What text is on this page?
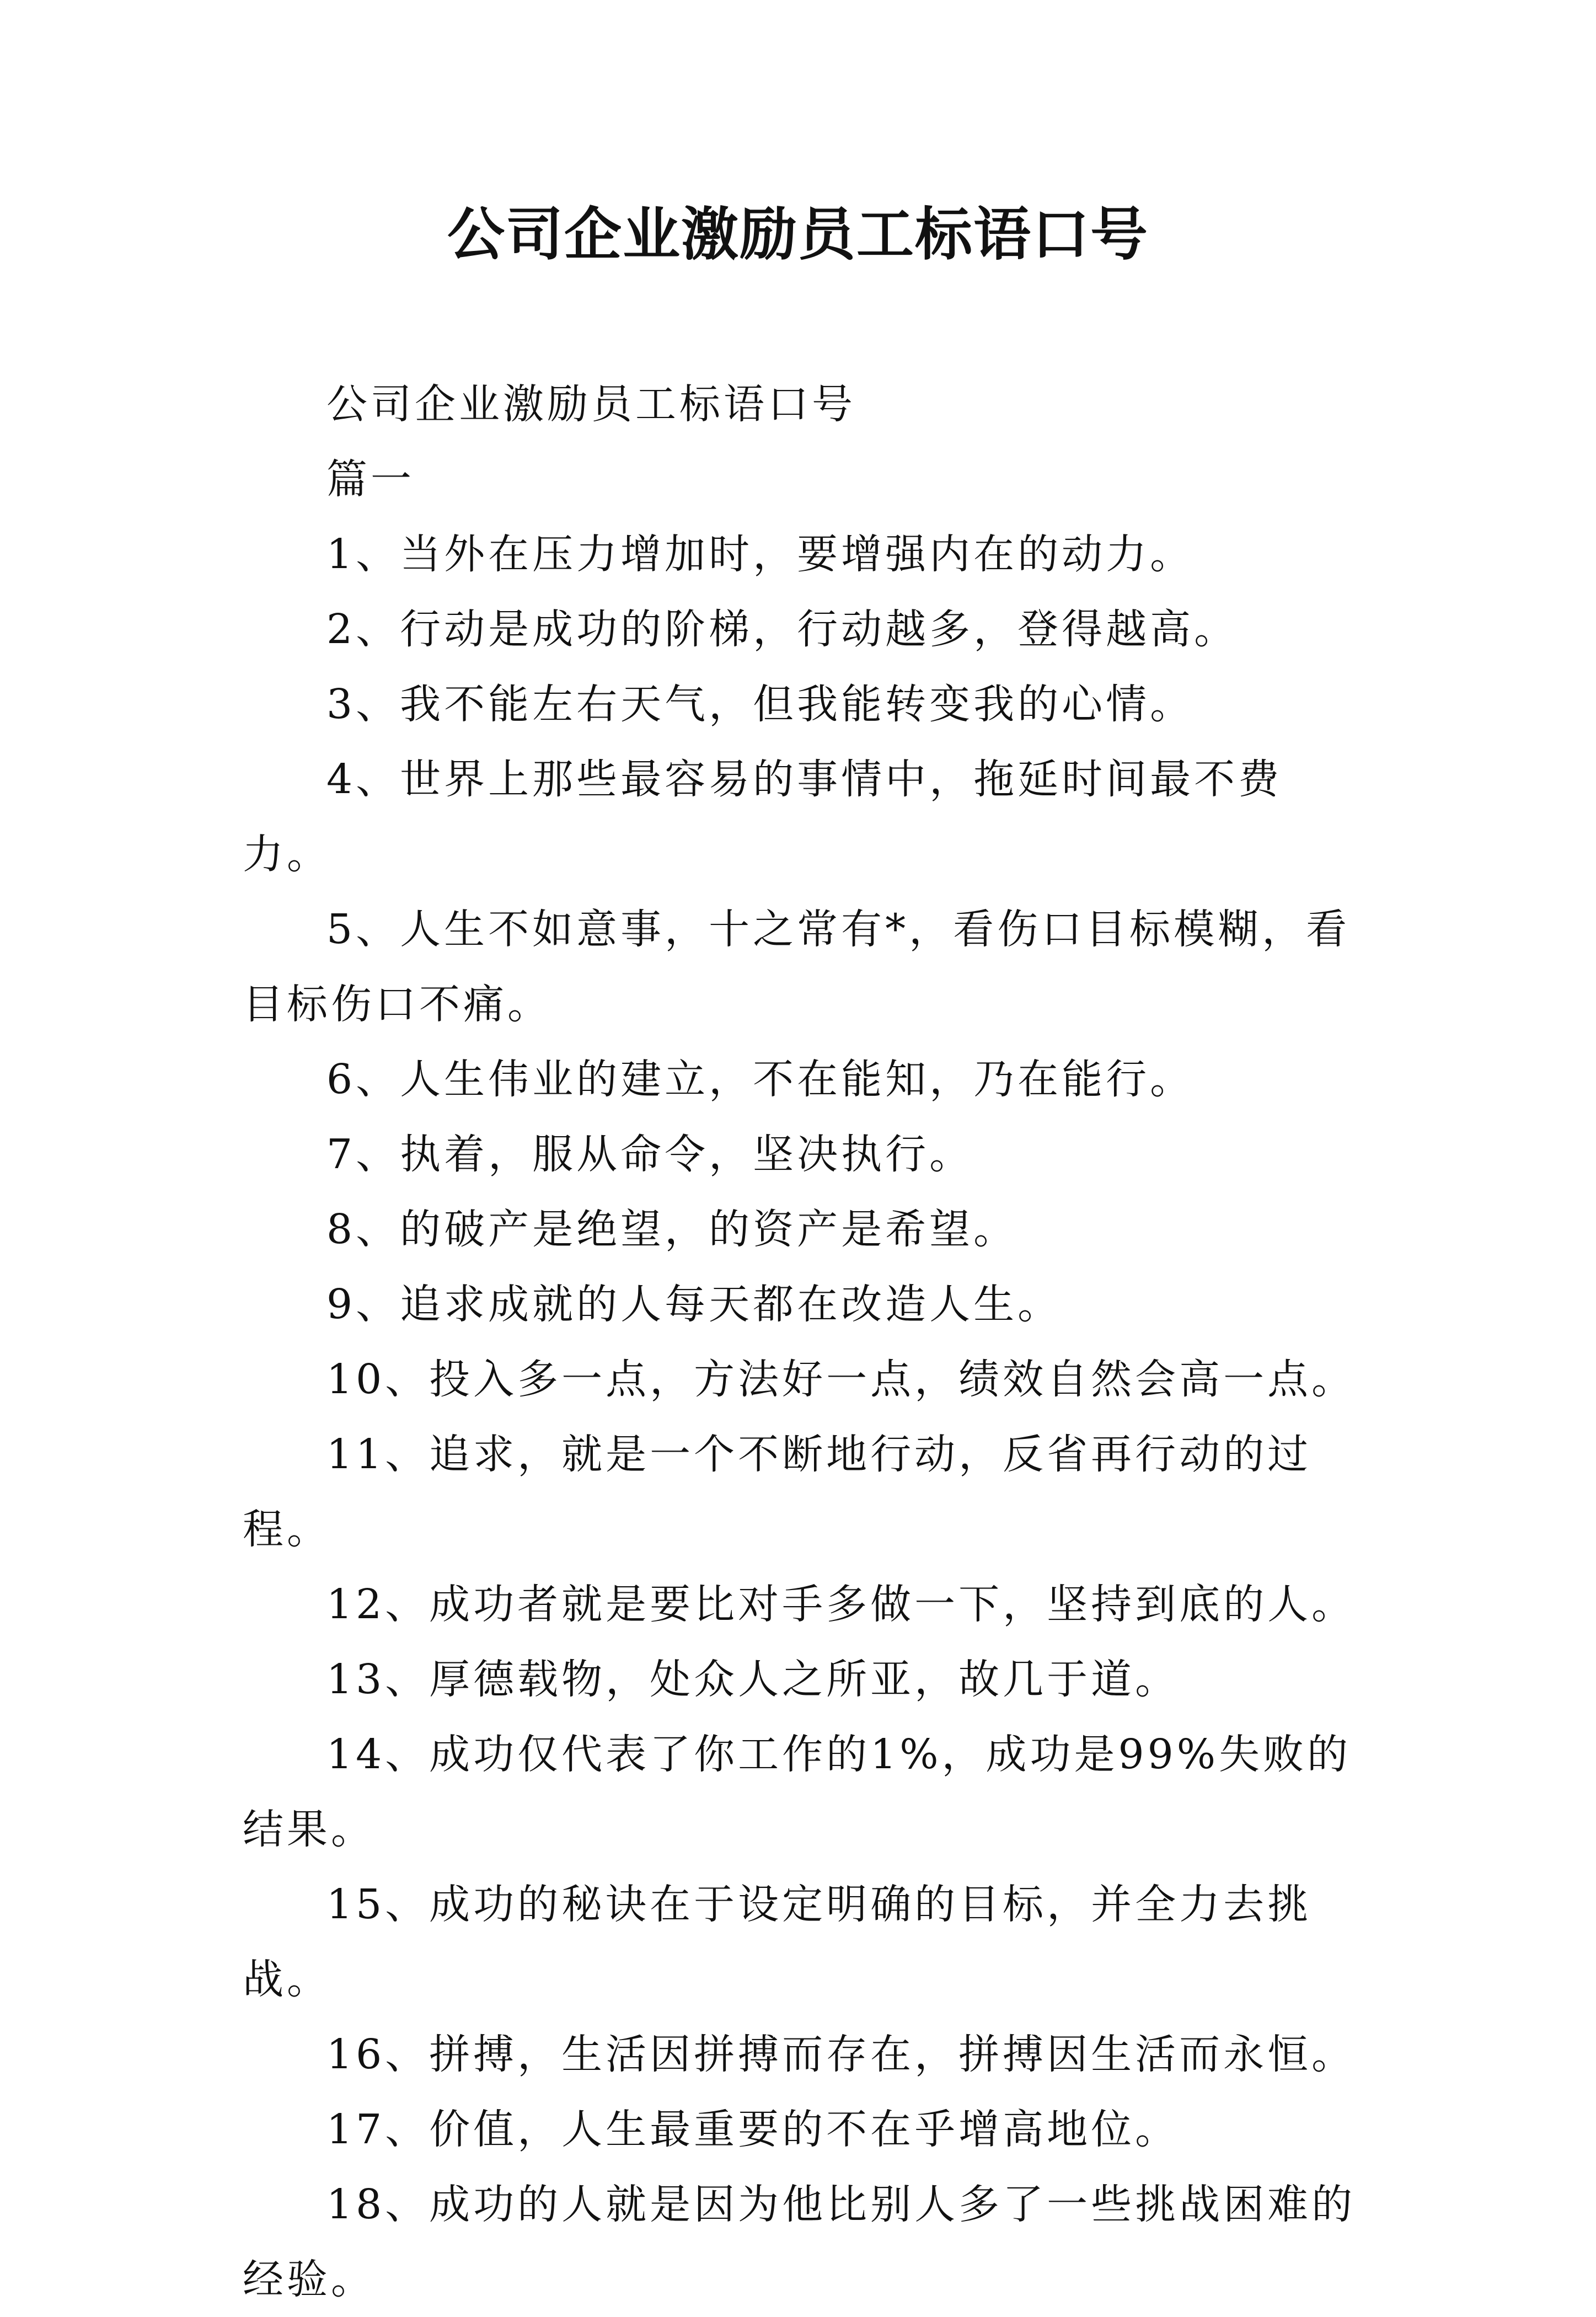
公司企业激励员工标语口号

公司企业激励员工标语口号

篇一

1、当外在压力增加时，要增强内在的动力。

2、行动是成功的阶梯，行动越多，登得越高。

3、我不能左右天气，但我能转变我的心情。

4、世界上那些最容易的事情中，拖延时间最不费力。

5、人生不如意事，十之常有*，看伤口目标模糊，看目标伤口不痛。

6、人生伟业的建立，不在能知，乃在能行。

7、执着，服从命令，坚决执行。

8、的破产是绝望，的资产是希望。

9、追求成就的人每天都在改造人生。

10、投入多一点，方法好一点，绩效自然会高一点。

11、追求，就是一个不断地行动，反省再行动的过程。

12、成功者就是要比对手多做一下，坚持到底的人。

13、厚德载物，处众人之所亚，故几于道。

14、成功仅代表了你工作的1%，成功是99%失败的结果。

15、成功的秘诀在于设定明确的目标，并全力去挑战。

16、拼搏，生活因拼搏而存在，拼搏因生活而永恒。

17、价值，人生最重要的不在乎增高地位。

18、成功的人就是因为他比别人多了一些挑战困难的经验。
